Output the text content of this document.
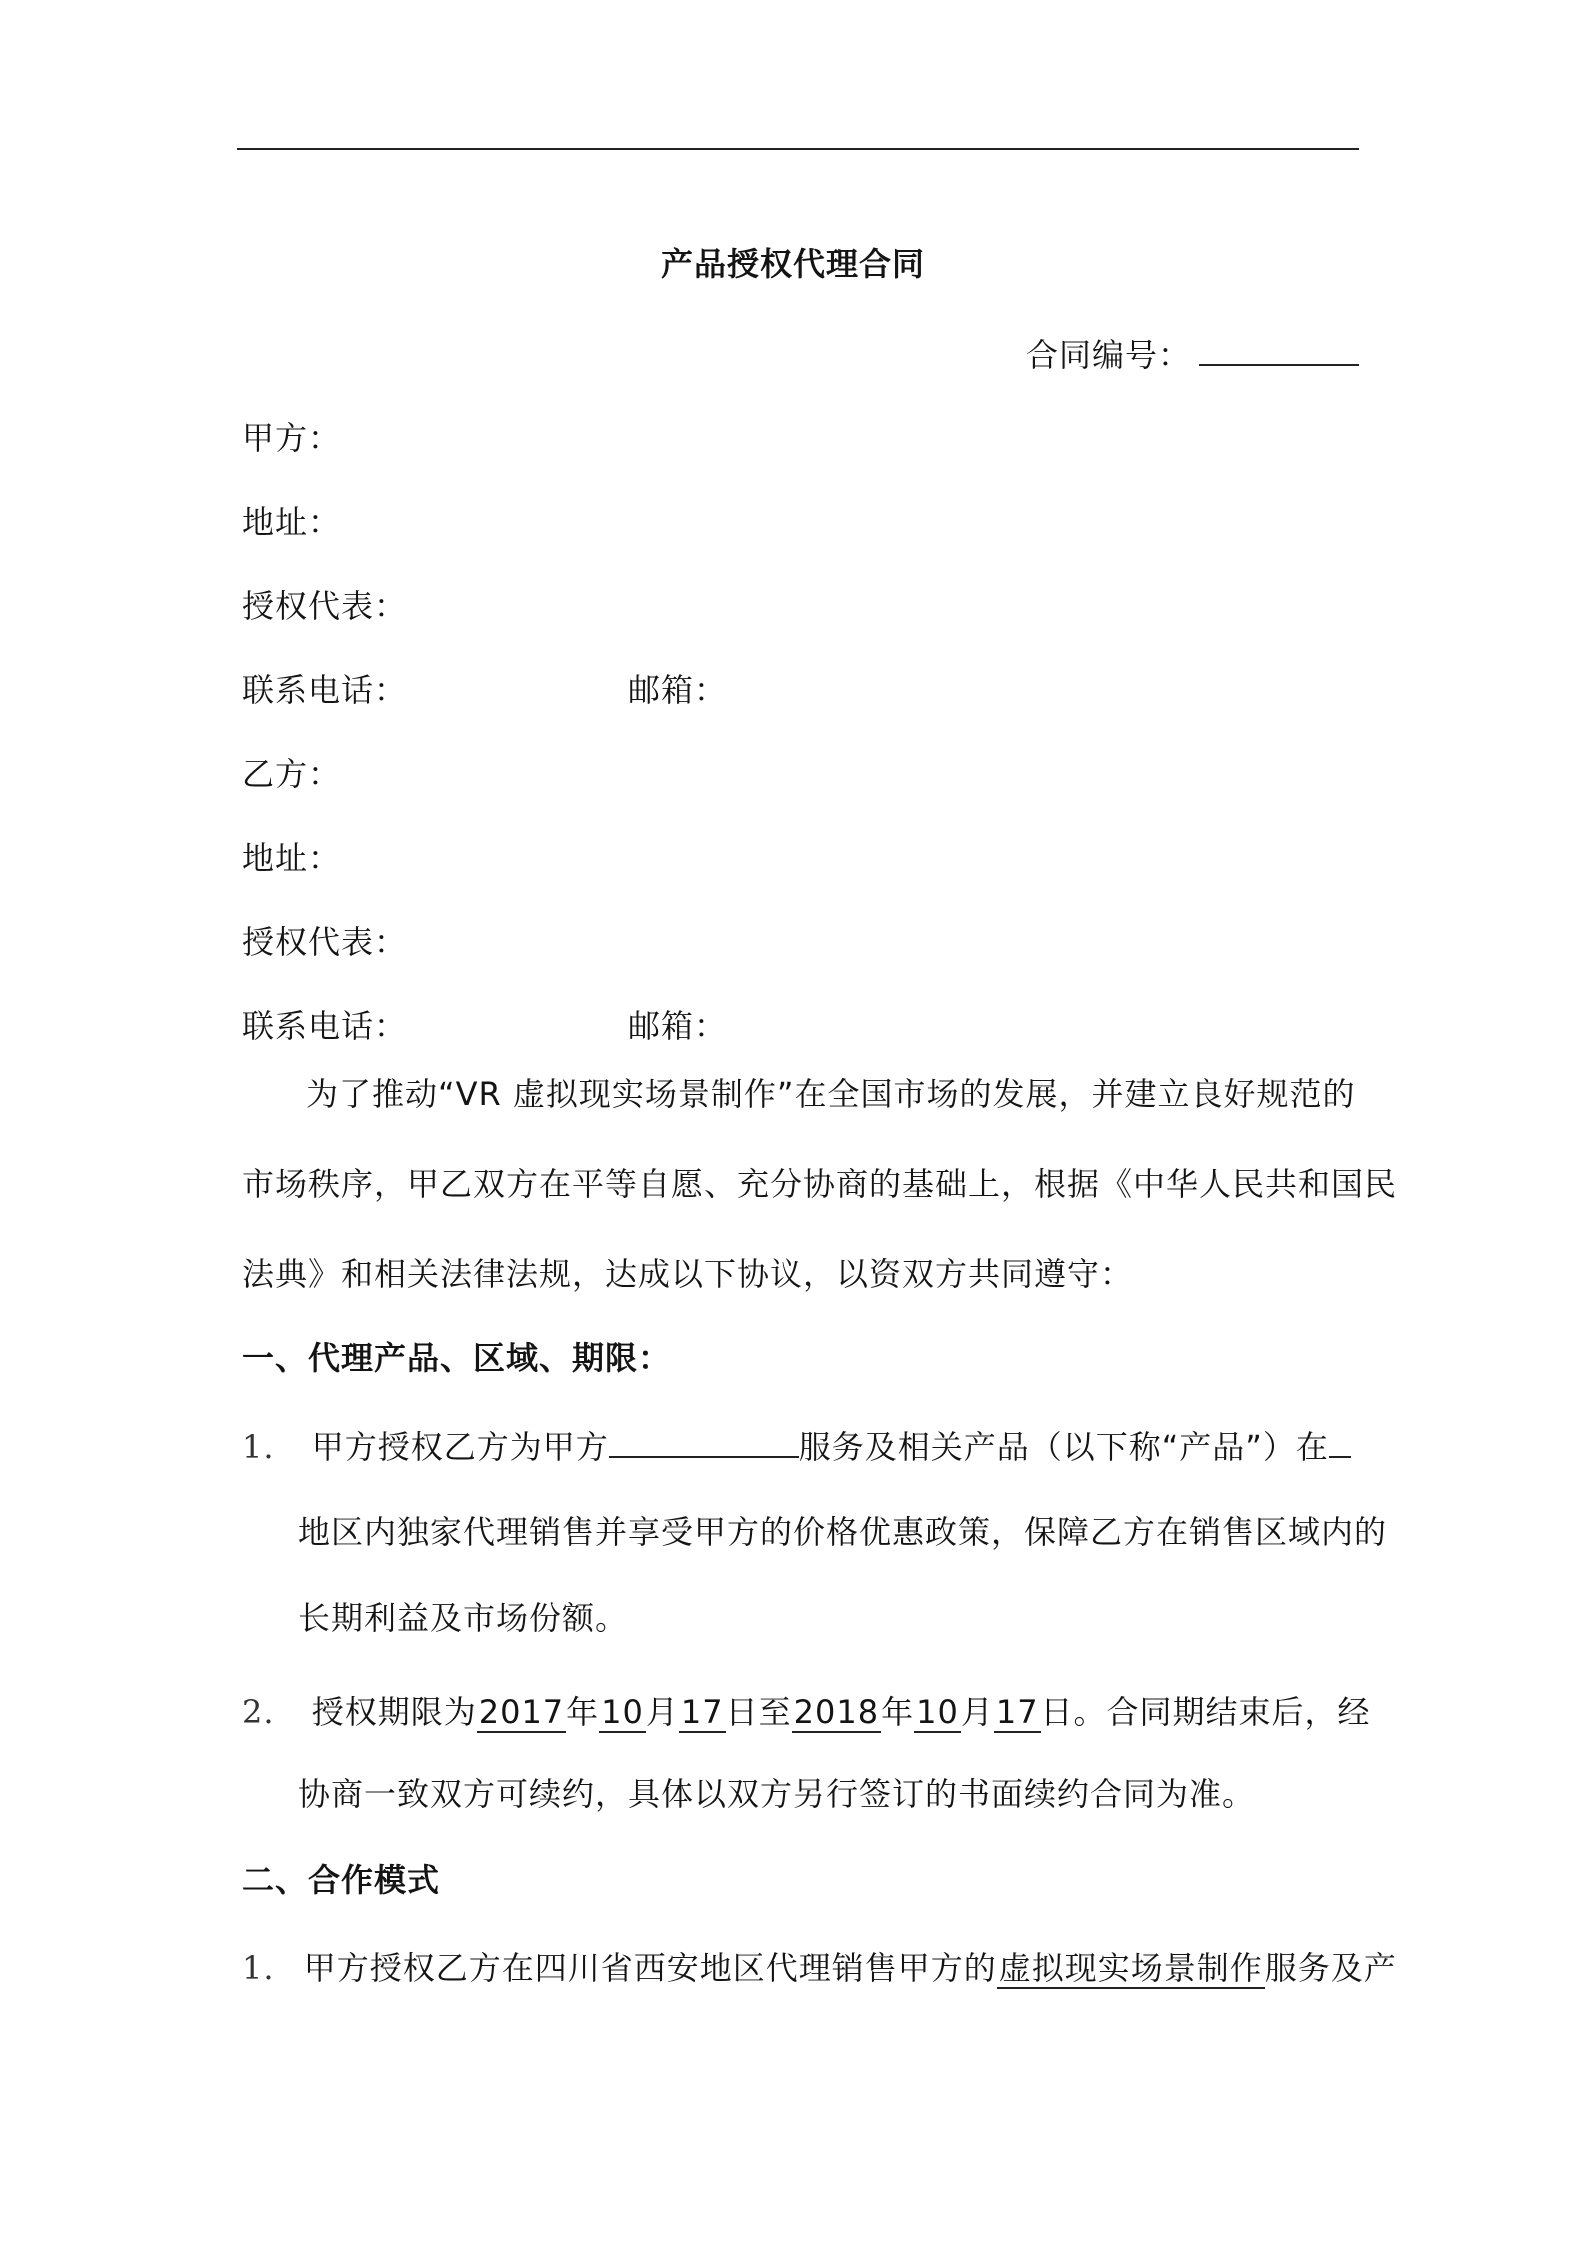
产品授权代理合同
合同编号：
甲方：
地址：
授权代表：
联系电话：	邮箱：
乙方：
地址：
授权代表：
联系电话：	邮箱：
为了推动“VR 虚拟现实场景制作”在全国市场的发展，并建立良好规范的
市场秩序，甲乙双方在平等自愿、充分协商的基础上，根据《中华人民共和国民
法典》和相关法律法规，达成以下协议，以资双方共同遵守：
一、代理产品、区域、期限：
1. 甲方授权乙方为甲方	服务及相关产品（以下称“产品”）在
地区内独家代理销售并享受甲方的价格优惠政策，保障乙方在销售区域内的
长期利益及市场份额。
2. 授权期限为2017年10月17日至2018年10月17日。合同期结束后，经
协商一致双方可续约，具体以双方另行签订的书面续约合同为准。
二、合作模式
1. 甲方授权乙方在四川省西安地区代理销售甲方的虚拟现实场景制作服务及产
